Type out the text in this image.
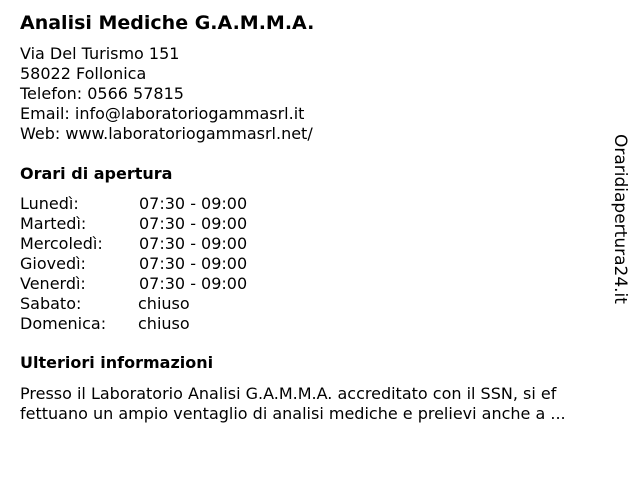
Analisi Mediche G.A.M.M.A.
Via Del Turismo 151
58022 Follonica
Telefon: 0566 57815
Email: info@laboratoriogammasrl.it
Web: www.laboratoriogammasrl.net/
Orari di apertura
Lunedì:	07:30 - 09:00
Martedì:	07:30 - 09:00
Mercoledì: 07:30 - 09:00
Giovedì:	07:30 - 09:00
Venerdì:	07:30 - 09:00
Sabato:	chiuso
Domenica: chiuso
Ulteriori informazioni
Presso il Laboratorio Analisi G.A.M.M.A. accreditato con il SSN, si ef
fettuano un ampio ventaglio di analisi mediche e prelievi anche a ...
Oraridiapertura24.it
